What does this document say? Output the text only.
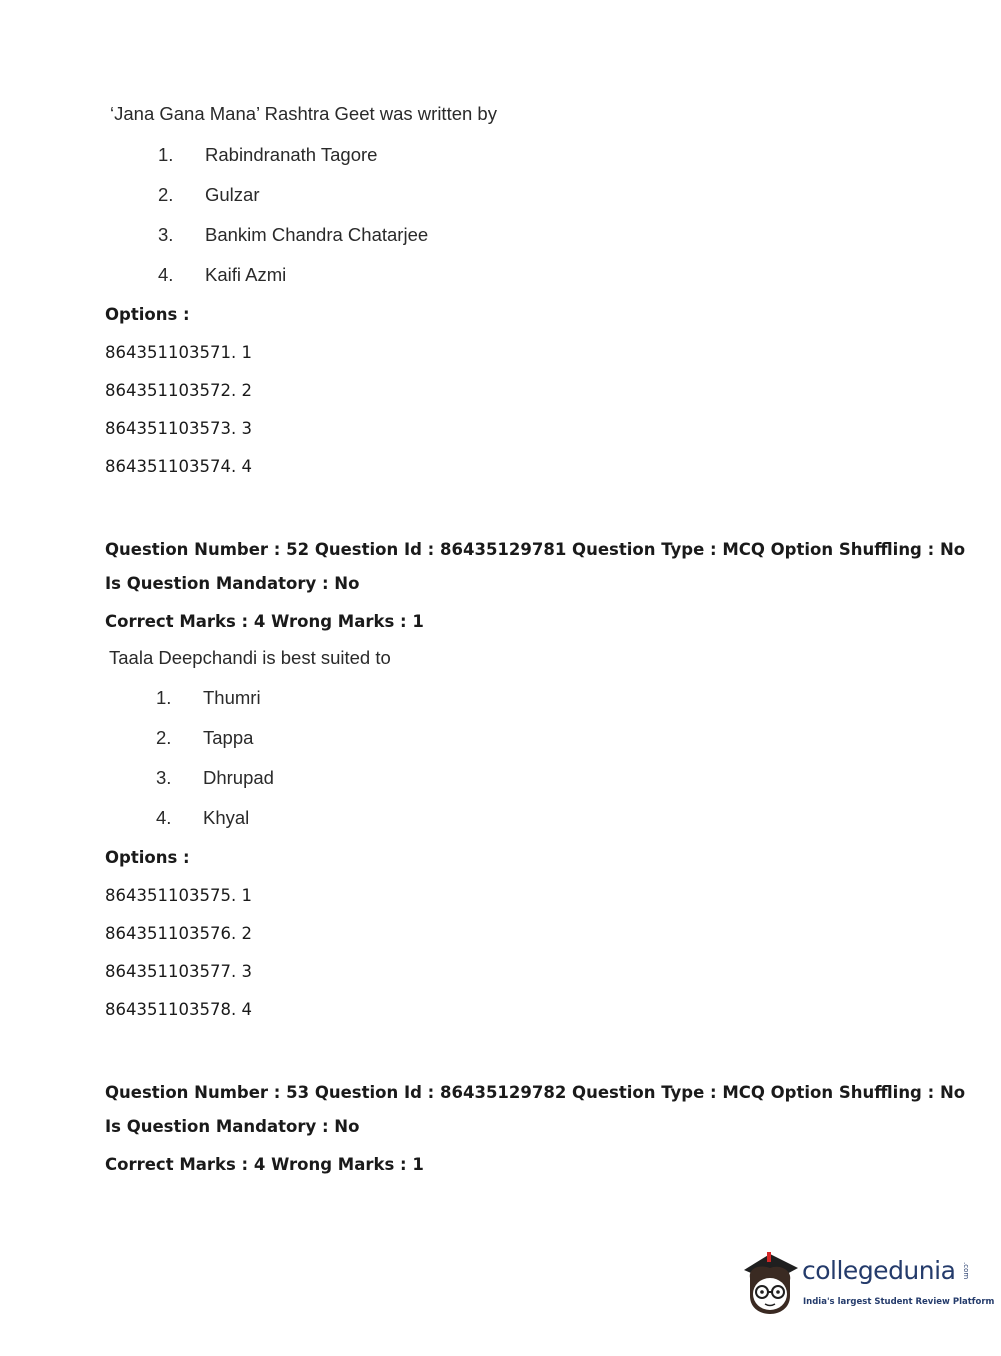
‘Jana Gana Mana’ Rashtra Geet was written by
1. Rabindranath Tagore
2. Gulzar
3. Bankim Chandra Chatarjee
4. Kaifi Azmi
Options :
864351103571. 1
864351103572. 2
864351103573. 3
864351103574. 4
Question Number : 52 Question Id : 86435129781 Question Type : MCQ Option Shuffling : No
Is Question Mandatory : No
Correct Marks : 4 Wrong Marks : 1
Taala Deepchandi is best suited to
1. Thumri
2. Tappa
3. Dhrupad
4. Khyal
Options :
864351103575. 1
864351103576. 2
864351103577. 3
864351103578. 4
Question Number : 53 Question Id : 86435129782 Question Type : MCQ Option Shuffling : No
Is Question Mandatory : No
Correct Marks : 4 Wrong Marks : 1
collegedunia .com
India's largest Student Review Platform
